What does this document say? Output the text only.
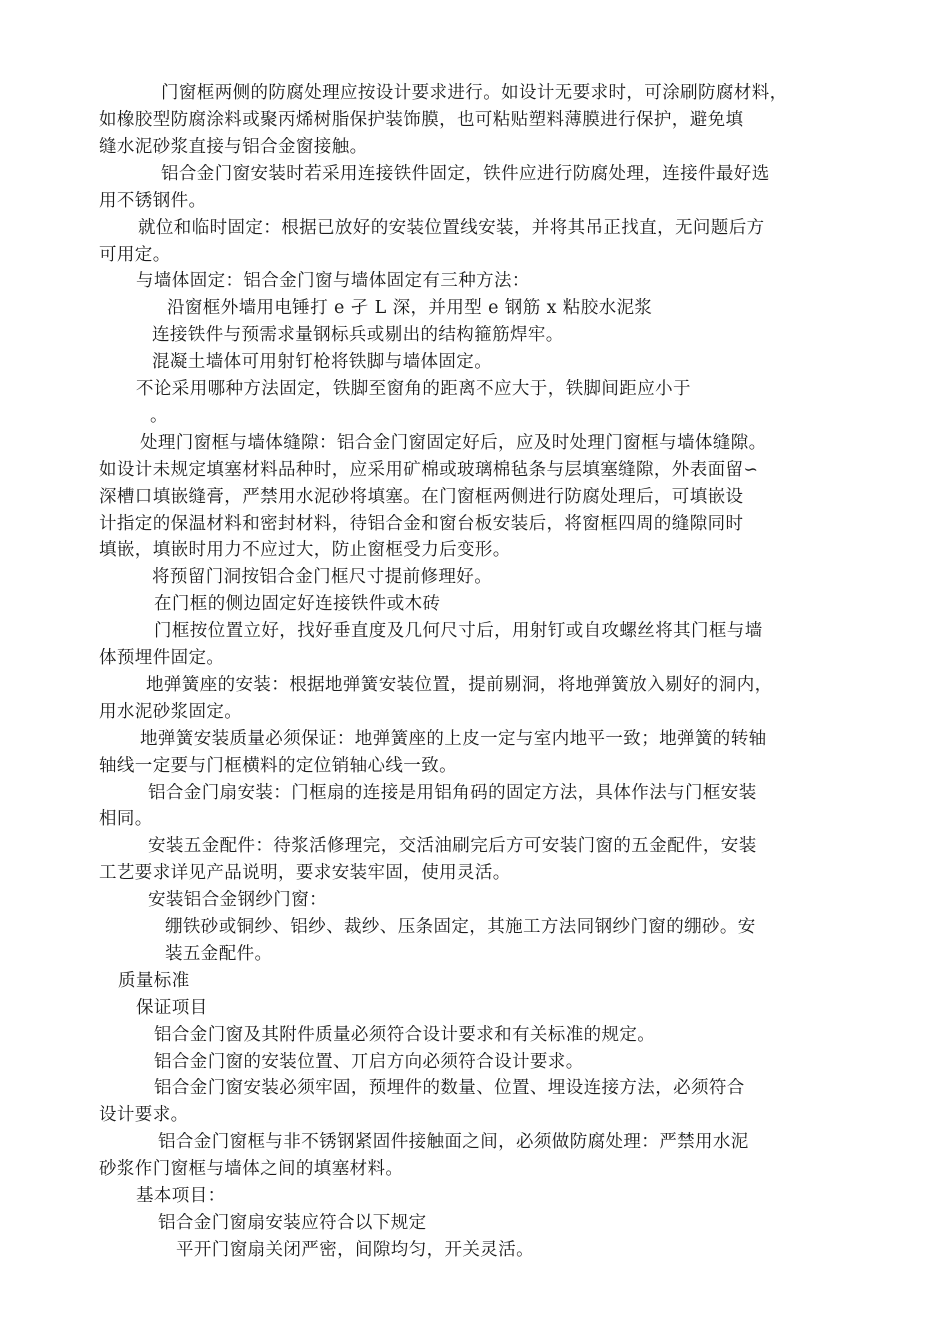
门窗框两侧的防腐处理应按设计要求进行。如设计无要求时，可涂刷防腐材料，
如橡胶型防腐涂料或聚丙烯树脂保护装饰膜，也可粘贴塑料薄膜进行保护，避免填
缝水泥砂浆直接与铝合金窗接触。
铝合金门窗安装时若采用连接铁件固定，铁件应进行防腐处理，连接件最好选
用不锈钢件。
就位和临时固定：根据已放好的安装位置线安装，并将其吊正找直，无问题后方
可用定。
与墙体固定：铝合金门窗与墙体固定有三种方法：
沿窗框外墙用电锤打 e 孑 L 深，并用型 e 钢筋 x 粘胶水泥浆
连接铁件与预需求量钢标兵或剔出的结构箍筋焊牢。
混凝土墙体可用射钉枪将铁脚与墙体固定。
不论采用哪种方法固定，铁脚至窗角的距离不应大于，铁脚间距应小于
。
处理门窗框与墙体缝隙：铝合金门窗固定好后，应及时处理门窗框与墙体缝隙。
如设计未规定填塞材料品种时，应采用矿棉或玻璃棉毡条与层填塞缝隙，外表面留∽
深槽口填嵌缝膏，严禁用水泥砂将填塞。在门窗框两侧进行防腐处理后，可填嵌设
计指定的保温材料和密封材料，待铝合金和窗台板安装后，将窗框四周的缝隙同时
填嵌，填嵌时用力不应过大，防止窗框受力后变形。
将预留门洞按铝合金门框尺寸提前修理好。
在门框的侧边固定好连接铁件或木砖
门框按位置立好，找好垂直度及几何尺寸后，用射钉或自攻螺丝将其门框与墙
体预埋件固定。
地弹簧座的安装：根据地弹簧安装位置，提前剔洞，将地弹簧放入剔好的洞内，
用水泥砂浆固定。
地弹簧安装质量必须保证：地弹簧座的上皮一定与室内地平一致；地弹簧的转轴
轴线一定要与门框横料的定位销轴心线一致。
铝合金门扇安装：门框扇的连接是用铝角码的固定方法，具体作法与门框安装
相同。
安装五金配件：待浆活修理完，交活油刷完后方可安装门窗的五金配件，安装
工艺要求详见产品说明，要求安装牢固，使用灵活。
安装铝合金钢纱门窗：
绷铁砂或铜纱、铝纱、裁纱、压条固定，其施工方法同钢纱门窗的绷砂。安
装五金配件。
质量标准
保证项目
铝合金门窗及其附件质量必须符合设计要求和有关标准的规定。
铝合金门窗的安装位置、丌启方向必须符合设计要求。
铝合金门窗安装必须牢固，预埋件的数量、位置、埋设连接方法，必须符合
设计要求。
铝合金门窗框与非不锈钢紧固件接触面之间，必须做防腐处理：严禁用水泥
砂浆作门窗框与墙体之间的填塞材料。
基本项目：
铝合金门窗扇安装应符合以下规定
平开门窗扇关闭严密，间隙均匀，开关灵活。
